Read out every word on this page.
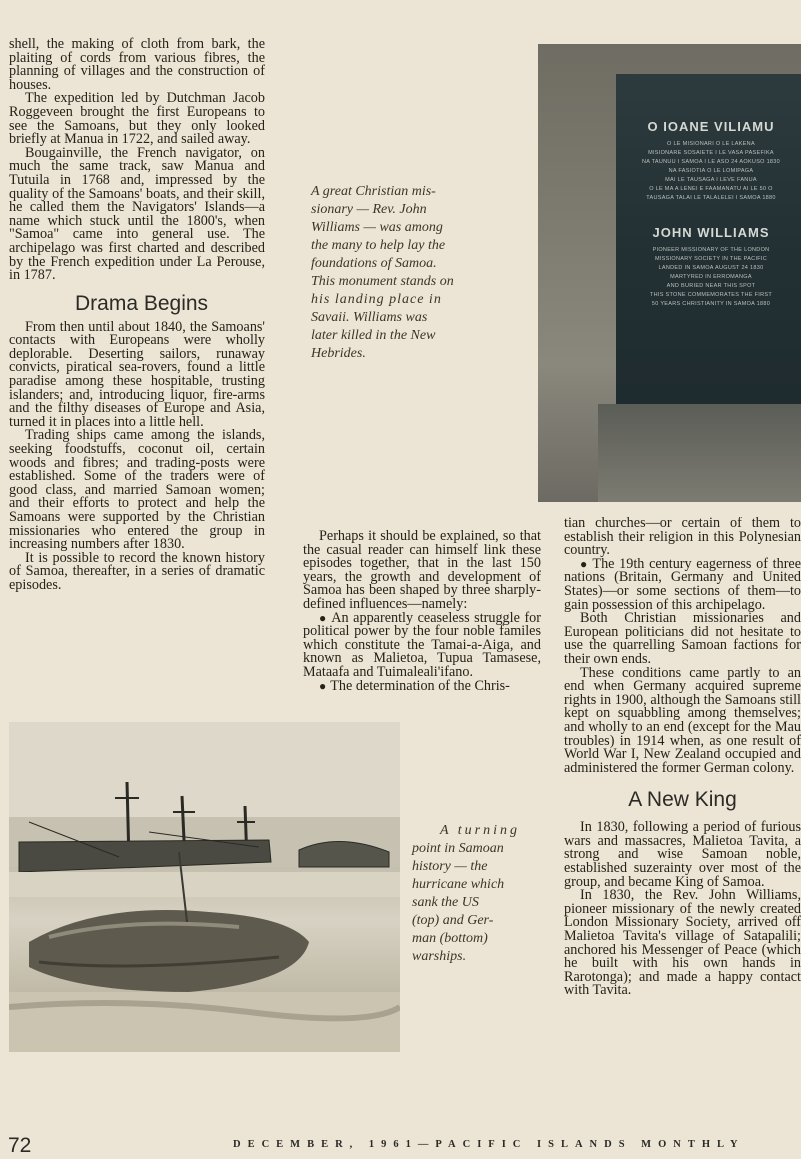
shell, the making of cloth from bark, the plaiting of cords from various fibres, the planning of villages and the construction of houses.

The expedition led by Dutchman Jacob Roggeveen brought the first Europeans to see the Samoans, but they only looked briefly at Manua in 1722, and sailed away.

Bougainville, the French navigator, on much the same track, saw Manua and Tutuila in 1768 and, impressed by the quality of the Samoans' boats, and their skill, he called them the Navigators' Islands—a name which stuck until the 1800's, when "Samoa" came into general use. The archipelago was first charted and described by the French expedition under La Perouse, in 1787.

Drama Begins

From then until about 1840, the Samoans' contacts with Europeans were wholly deplorable. Deserting sailors, runaway convicts, piratical sea-rovers, found a little paradise among these hospitable, trusting islanders; and, introducing liquor, fire-arms and the filthy diseases of Europe and Asia, turned it in places into a little hell.

Trading ships came among the islands, seeking foodstuffs, coconut oil, certain woods and fibres; and trading-posts were established. Some of the traders were of good class, and married Samoan women; and their efforts to protect and help the Samoans were supported by the Christian missionaries who entered the group in increasing numbers after 1830.

It is possible to record the known history of Samoa, thereafter, in a series of dramatic episodes.

A great Christian mis-
sionary — Rev. John
Williams — was among
the many to help lay the
foundations of Samoa.
This monument stands on
his landing place in
Savaii. Williams was
later killed in the New
Hebrides.
O IOANE VILIAMU
O LE MISIONARI O LE LAKENA
MISIONARE SOSAIETE I LE VASA PASEFIKA
NA TAUNUU I SAMOA I LE ASO 24 AOKUSO 1830
NA FASIOTIA O LE LOMIPAGA
MAI LE TAUSAGA I LEVE FANUA
O LE MA A LENEI E FAAMANATU AI LE 50 O
TAUSAGA TALAI LE TALALELEI I SAMOA 1880
JOHN WILLIAMS
PIONEER MISSIONARY OF THE LONDON
MISSIONARY SOCIETY IN THE PACIFIC
LANDED IN SAMOA AUGUST 24 1830
MARTYRED IN ERROMANGA
AND BURIED NEAR THIS SPOT
THIS STONE COMMEMORATES THE FIRST
50 YEARS CHRISTIANITY IN SAMOA 1880

Perhaps it should be explained, so that the casual reader can himself link these episodes together, that in the last 150 years, the growth and development of Samoa has been shaped by three sharply-defined influences—namely:

● An apparently ceaseless struggle for political power by the four noble familes which constitute the Tamai-a-Aiga, and known as Malietoa, Tupua Tamasese, Mataafa and Tuimaleali'ifano.

● The determination of the Chris-

tian churches—or certain of them to establish their religion in this Polynesian country.

● The 19th century eagerness of three nations (Britain, Germany and United States)—or some sections of them—to gain possession of this archipelago.

Both Christian missionaries and European politicians did not hesitate to use the quarrelling Samoan factions for their own ends.

These conditions came partly to an end when Germany acquired supreme rights in 1900, although the Samoans still kept on squabbling among themselves; and wholly to an end (except for the Mau troubles) in 1914 when, as one result of World War I, New Zealand occupied and administered the former German colony.

A New King

In 1830, following a period of furious wars and massacres, Malietoa Tavita, a strong and wise Samoan noble, established suzerainty over most of the group, and became King of Samoa.

In 1830, the Rev. John Williams, pioneer missionary of the newly created London Missionary Society, arrived off Malietoa Tavita's village of Satapalili; anchored his Messenger of Peace (which he built with his own hands in Rarotonga); and made a happy contact with Tavita.

A turning
point in Samoan
history — the
hurricane which
sank the US
(top) and Ger-
man (bottom)
warships.
72	DECEMBER, 1961—PACIFIC ISLANDS MONTHLY
